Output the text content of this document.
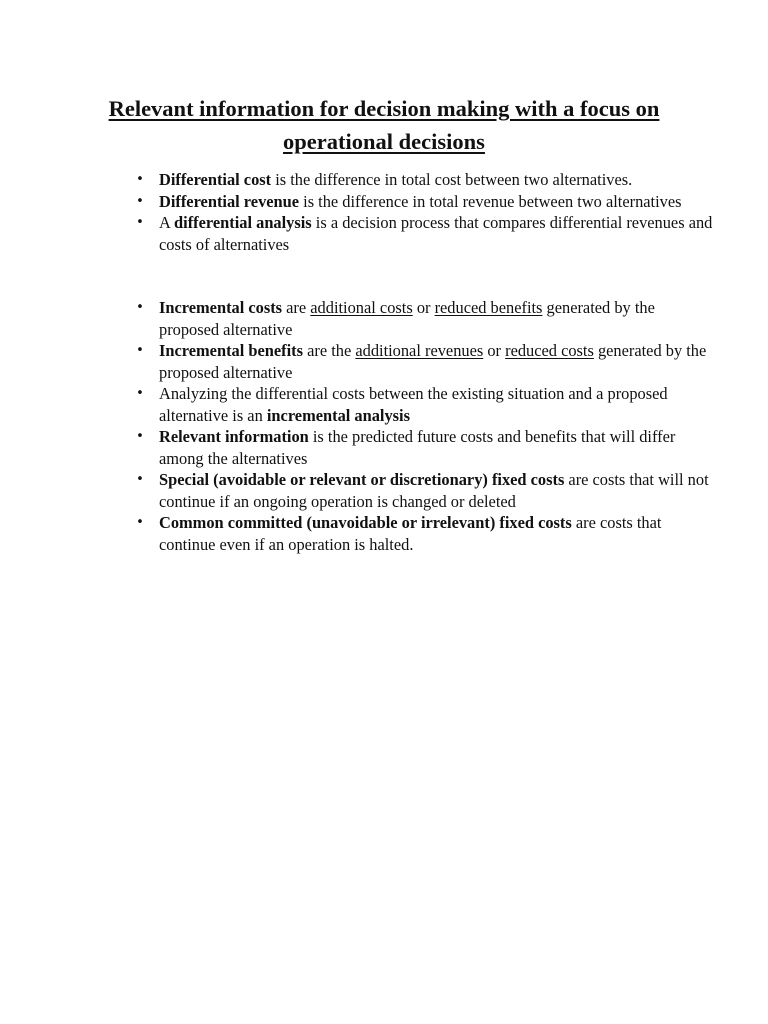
Relevant information for decision making with a focus on operational decisions
• Differential cost is the difference in total cost between two alternatives.
• Differential revenue is the difference in total revenue between two alternatives
• A differential analysis is a decision process that compares differential revenues and costs of alternatives
• Incremental costs are additional costs or reduced benefits generated by the proposed alternative
• Incremental benefits are the additional revenues or reduced costs generated by the proposed alternative
• Analyzing the differential costs between the existing situation and a proposed alternative is an incremental analysis
• Relevant information is the predicted future costs and benefits that will differ among the alternatives
• Special (avoidable or relevant or discretionary) fixed costs are costs that will not continue if an ongoing operation is changed or deleted
• Common committed (unavoidable or irrelevant) fixed costs are costs that continue even if an operation is halted.
